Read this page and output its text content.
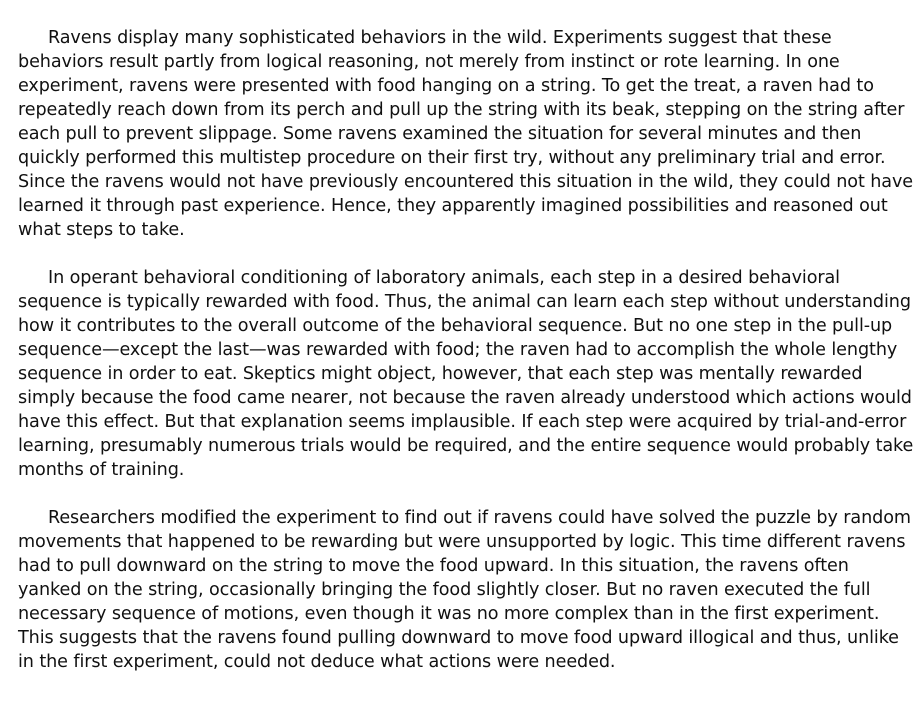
Ravens display many sophisticated behaviors in the wild. Experiments suggest that these behaviors result partly from logical reasoning, not merely from instinct or rote learning. In one experiment, ravens were presented with food hanging on a string. To get the treat, a raven had to repeatedly reach down from its perch and pull up the string with its beak, stepping on the string after each pull to prevent slippage. Some ravens examined the situation for several minutes and then quickly performed this multistep procedure on their first try, without any preliminary trial and error. Since the ravens would not have previously encountered this situation in the wild, they could not have learned it through past experience. Hence, they apparently imagined possibilities and reasoned out what steps to take.

In operant behavioral conditioning of laboratory animals, each step in a desired behavioral sequence is typically rewarded with food. Thus, the animal can learn each step without understanding how it contributes to the overall outcome of the behavioral sequence. But no one step in the pull-up sequence—except the last—was rewarded with food; the raven had to accomplish the whole lengthy sequence in order to eat. Skeptics might object, however, that each step was mentally rewarded simply because the food came nearer, not because the raven already understood which actions would have this effect. But that explanation seems implausible. If each step were acquired by trial-and-error learning, presumably numerous trials would be required, and the entire sequence would probably take months of training.

Researchers modified the experiment to find out if ravens could have solved the puzzle by random movements that happened to be rewarding but were unsupported by logic. This time different ravens had to pull downward on the string to move the food upward. In this situation, the ravens often yanked on the string, occasionally bringing the food slightly closer. But no raven executed the full necessary sequence of motions, even though it was no more complex than in the first experiment. This suggests that the ravens found pulling downward to move food upward illogical and thus, unlike in the first experiment, could not deduce what actions were needed.
